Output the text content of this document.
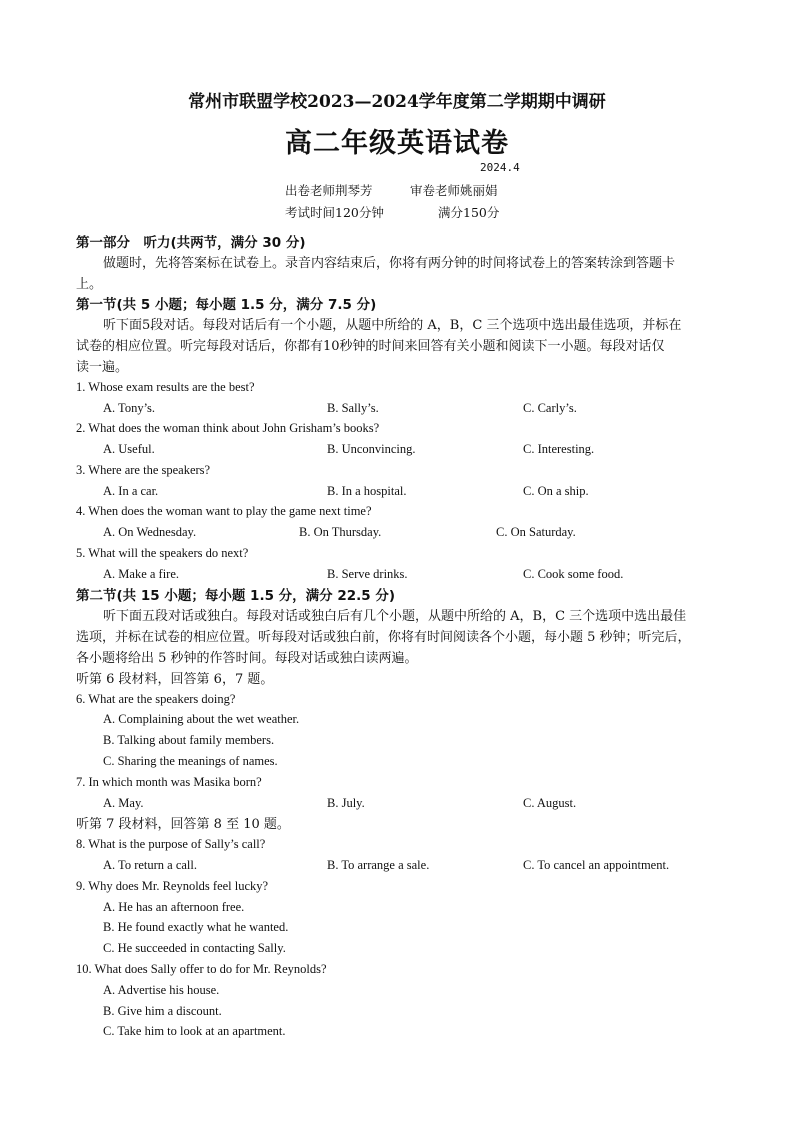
常州市联盟学校2023—2024学年度第二学期期中调研
高二年级英语试卷
2024.4
出卷老师荆琴芳	审卷老师姚丽娟
考试时间120分钟	满分150分
第一部分　听力(共两节，满分 30 分)
做题时，先将答案标在试卷上。录音内容结束后，你将有两分钟的时间将试卷上的答案转涂到答题卡
上。
第一节(共 5 小题；每小题 1.5 分，满分 7.5 分)
听下面5段对话。每段对话后有一个小题，从题中所给的 A，B，C 三个选项中选出最佳选项，并标在
试卷的相应位置。听完每段对话后，你都有10秒钟的时间来回答有关小题和阅读下一小题。每段对话仅
读一遍。
1. Whose exam results are the best?
A. Tony’s.	B. Sally’s.	C. Carly’s.
2. What does the woman think about John Grisham’s books?
A. Useful.	B. Unconvincing.	C. Interesting.
3. Where are the speakers?
A. In a car.	B. In a hospital.	C. On a ship.
4. When does the woman want to play the game next time?
A. On Wednesday.	B. On Thursday.	C. On Saturday.
5. What will the speakers do next?
A. Make a fire.	B. Serve drinks.	C. Cook some food.
第二节(共 15 小题；每小题 1.5 分，满分 22.5 分)
听下面五段对话或独白。每段对话或独白后有几个小题，从题中所给的 A，B，C 三个选项中选出最佳
选项，并标在试卷的相应位置。听每段对话或独白前，你将有时间阅读各个小题，每小题 5 秒钟；听完后，
各小题将给出 5 秒钟的作答时间。每段对话或独白读两遍。
听第 6 段材料，回答第 6，7 题。
6. What are the speakers doing?
A. Complaining about the wet weather.
B. Talking about family members.
C. Sharing the meanings of names.
7. In which month was Masika born?
A. May.	B. July.	C. August.
听第 7 段材料，回答第 8 至 10 题。
8. What is the purpose of Sally’s call?
A. To return a call.	B. To arrange a sale.	C. To cancel an appointment.
9. Why does Mr. Reynolds feel lucky?
A. He has an afternoon free.
B. He found exactly what he wanted.
C. He succeeded in contacting Sally.
10. What does Sally offer to do for Mr. Reynolds?
A. Advertise his house.
B. Give him a discount.
C. Take him to look at an apartment.
